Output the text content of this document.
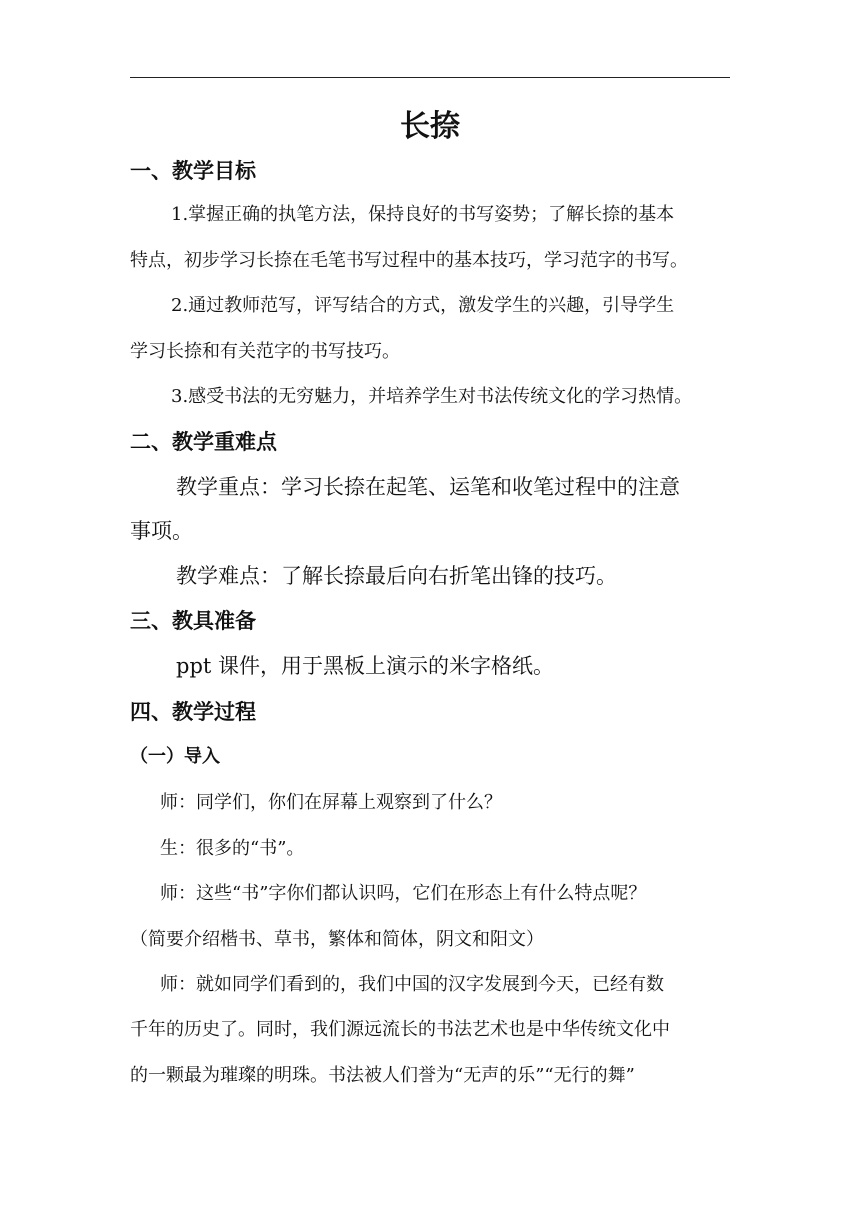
长捺
一、教学目标
1.掌握正确的执笔方法，保持良好的书写姿势；了解长捺的基本
特点，初步学习长捺在毛笔书写过程中的基本技巧，学习范字的书写。
2.通过教师范写，评写结合的方式，激发学生的兴趣，引导学生
学习长捺和有关范字的书写技巧。
3.感受书法的无穷魅力，并培养学生对书法传统文化的学习热情。
二、教学重难点
教学重点：学习长捺在起笔、运笔和收笔过程中的注意
事项。
教学难点：了解长捺最后向右折笔出锋的技巧。
三、教具准备
ppt 课件，用于黑板上演示的米字格纸。
四、教学过程
（一）导入
师：同学们，你们在屏幕上观察到了什么？
生：很多的“书”。
师：这些“书”字你们都认识吗，它们在形态上有什么特点呢？
（简要介绍楷书、草书，繁体和简体，阴文和阳文）
师：就如同学们看到的，我们中国的汉字发展到今天，已经有数
千年的历史了。同时，我们源远流长的书法艺术也是中华传统文化中
的一颗最为璀璨的明珠。书法被人们誉为“无声的乐”“无行的舞”
